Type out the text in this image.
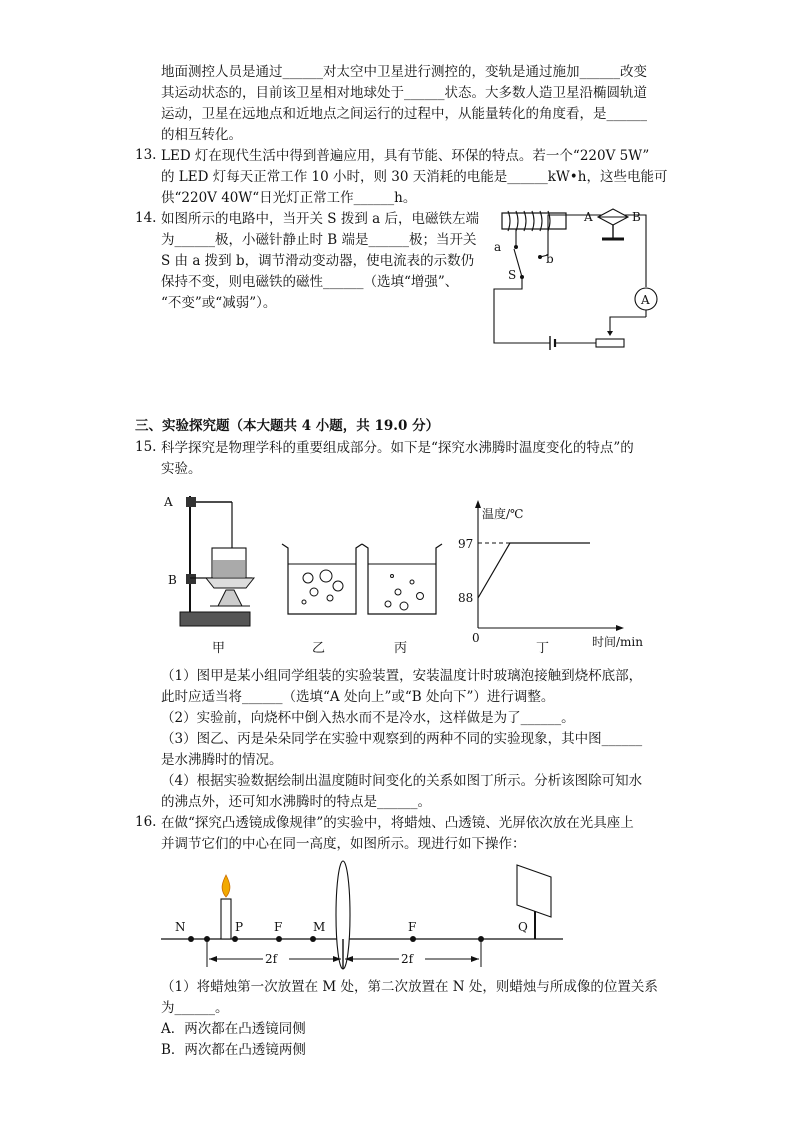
地面测控人员是通过______对太空中卫星进行测控的，变轨是通过施加______改变
其运动状态的，目前该卫星相对地球处于______状态。大多数人造卫星沿椭圆轨道
运动，卫星在远地点和近地点之间运行的过程中，从能量转化的角度看，是______
的相互转化。
13. LED 灯在现代生活中得到普遍应用，具有节能、环保的特点。若一个“220V 5W”
的 LED 灯每天正常工作 10 小时，则 30 天消耗的电能是______kW•h，这些电能可
供“220V 40W“日光灯正常工作______h。
14. 如图所示的电路中，当开关 S 拨到 a 后，电磁铁左端
为______极，小磁针静止时 B 端是______极；当开关
S 由 a 拨到 b，调节滑动变动器，使电流表的示数仍
保持不变，则电磁铁的磁性______（选填“增强”、
“不变”或“减弱”）。
a
b
S
A
A	B
三、实验探究题（本大题共 4 小题，共 19.0 分）
15. 科学探究是物理学科的重要组成部分。如下是“探究水沸腾时温度变化的特点”的
实验。
A
B
甲	乙	丙
温度/℃
时间/min
97
88
0
丁
（1）图甲是某小组同学组装的实验装置，安装温度计时玻璃泡接触到烧杯底部，
此时应适当将______（选填“A 处向上”或“B 处向下”）进行调整。
（2）实验前，向烧杯中倒入热水而不是冷水，这样做是为了______。
（3）图乙、丙是朵朵同学在实验中观察到的两种不同的实验现象，其中图______
是水沸腾时的情况。
（4）根据实验数据绘制出温度随时间变化的关系如图丁所示。分析该图除可知水
的沸点外，还可知水沸腾时的特点是______。
16. 在做“探究凸透镜成像规律”的实验中，将蜡烛、凸透镜、光屏依次放在光具座上
并调节它们的中心在同一高度，如图所示。现进行如下操作：
N	P	F	M	F	Q
2f	2f
（1）将蜡烛第一次放置在 M 处，第二次放置在 N 处，则蜡烛与所成像的位置关系
为______。
A．两次都在凸透镜同侧
B．两次都在凸透镜两侧
